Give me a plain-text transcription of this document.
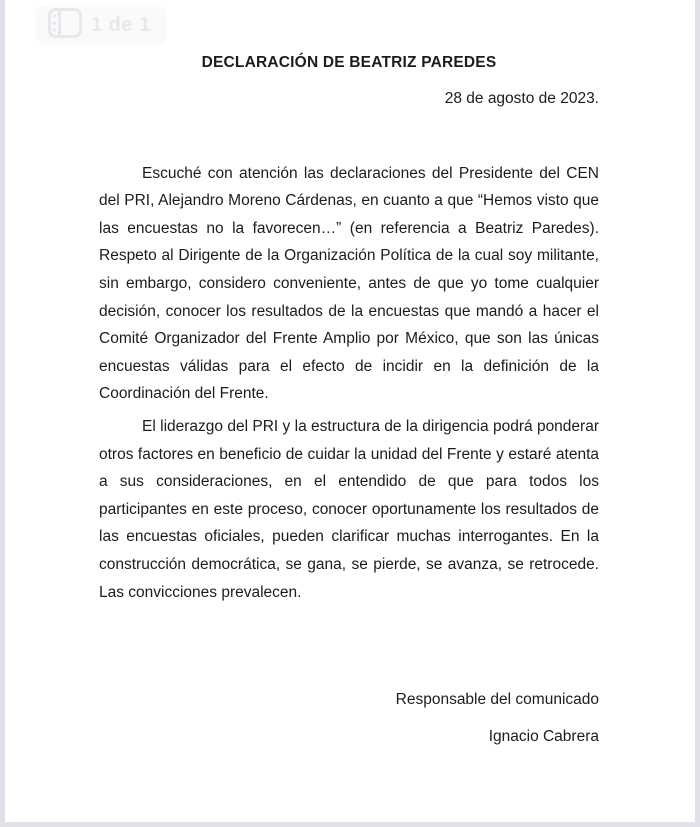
1 de 1
DECLARACIÓN DE BEATRIZ PAREDES
28 de agosto de 2023.
Escuché con atención las declaraciones del Presidente del CEN
del PRI, Alejandro Moreno Cárdenas, en cuanto a que “Hemos visto que
las encuestas no la favorecen…” (en referencia a Beatriz Paredes).
Respeto al Dirigente de la Organización Política de la cual soy militante,
sin embargo, considero conveniente, antes de que yo tome cualquier
decisión, conocer los resultados de la encuestas que mandó a hacer el
Comité Organizador del Frente Amplio por México, que son las únicas
encuestas válidas para el efecto de incidir en la definición de la
Coordinación del Frente.
El liderazgo del PRI y la estructura de la dirigencia podrá ponderar
otros factores en beneficio de cuidar la unidad del Frente y estaré atenta
a sus consideraciones, en el entendido de que para todos los
participantes en este proceso, conocer oportunamente los resultados de
las encuestas oficiales, pueden clarificar muchas interrogantes. En la
construcción democrática, se gana, se pierde, se avanza, se retrocede.
Las convicciones prevalecen.
Responsable del comunicado
Ignacio Cabrera
